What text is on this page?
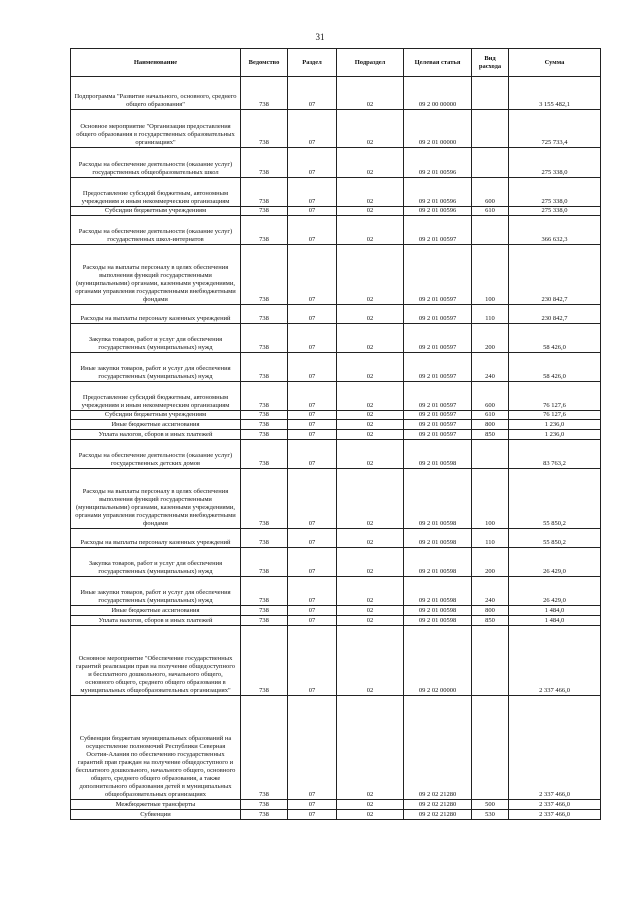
31
Наименование	Ведомство	Раздел	Подраздел	Целевая статья	Вид расхода	Сумма
Подпрограмма "Развитие начального, основного, среднего общего образования"	738	07	02	09 2 00 00000		3 155 482,1
Основное мероприятие "Организация предоставления общего образования в государственных образовательных организациях"	738	07	02	09 2 01 00000		725 733,4
Расходы на обеспечение деятельности (оказание услуг) государственных общеобразовательных школ	738	07	02	09 2 01 00596		275 338,0
Предоставление субсидий бюджетным, автономным учреждениям и иным некоммерческим организациям	738	07	02	09 2 01 00596	600	275 338,0
Субсидии бюджетным учреждениям	738	07	02	09 2 01 00596	610	275 338,0
Расходы на обеспечение деятельности (оказание услуг) государственных школ-интернатов	738	07	02	09 2 01 00597		366 632,3
Расходы на выплаты персоналу в целях обеспечения выполнения функций государственными (муниципальными) органами, казенными учреждениями, органами управления государственными внебюджетными фондами	738	07	02	09 2 01 00597	100	230 842,7
Расходы на выплаты персоналу казенных учреждений	738	07	02	09 2 01 00597	110	230 842,7
Закупка товаров, работ и услуг для обеспечения государственных (муниципальных) нужд	738	07	02	09 2 01 00597	200	58 426,0
Иные закупки товаров, работ и услуг для обеспечения государственных (муниципальных) нужд	738	07	02	09 2 01 00597	240	58 426,0
Предоставление субсидий бюджетным, автономным учреждениям и иным некоммерческим организациям	738	07	02	09 2 01 00597	600	76 127,6
Субсидии бюджетным учреждениям	738	07	02	09 2 01 00597	610	76 127,6
Иные бюджетные ассигнования	738	07	02	09 2 01 00597	800	1 236,0
Уплата налогов, сборов и иных платежей	738	07	02	09 2 01 00597	850	1 236,0
Расходы на обеспечение деятельности (оказание услуг) государственных детских домов	738	07	02	09 2 01 00598		83 763,2
Расходы на выплаты персоналу в целях обеспечения выполнения функций государственными (муниципальными) органами, казенными учреждениями, органами управления государственными внебюджетными фондами	738	07	02	09 2 01 00598	100	55 850,2
Расходы на выплаты персоналу казенных учреждений	738	07	02	09 2 01 00598	110	55 850,2
Закупка товаров, работ и услуг для обеспечения государственных (муниципальных) нужд	738	07	02	09 2 01 00598	200	26 429,0
Иные закупки товаров, работ и услуг для обеспечения государственных (муниципальных) нужд	738	07	02	09 2 01 00598	240	26 429,0
Иные бюджетные ассигнования	738	07	02	09 2 01 00598	800	1 484,0
Уплата налогов, сборов и иных платежей	738	07	02	09 2 01 00598	850	1 484,0
Основное мероприятие "Обеспечение государственных гарантий реализации прав на получение общедоступного и бесплатного дошкольного, начального общего, основного общего, среднего общего образования в муниципальных общеобразовательных организациях"	738	07	02	09 2 02 00000		2 337 466,0
Субвенции бюджетам муниципальных образований на осуществление полномочий Республики Северная Осетия-Алания по обеспечению государственных гарантий прав граждан на получение общедоступного и бесплатного дошкольного, начального общего, основного общего, среднего общего образования, а также дополнительного образования детей в муниципальных общеобразовательных организациях	738	07	02	09 2 02 21280		2 337 466,0
Межбюджетные трансферты	738	07	02	09 2 02 21280	500	2 337 466,0
Субвенции	738	07	02	09 2 02 21280	530	2 337 466,0
